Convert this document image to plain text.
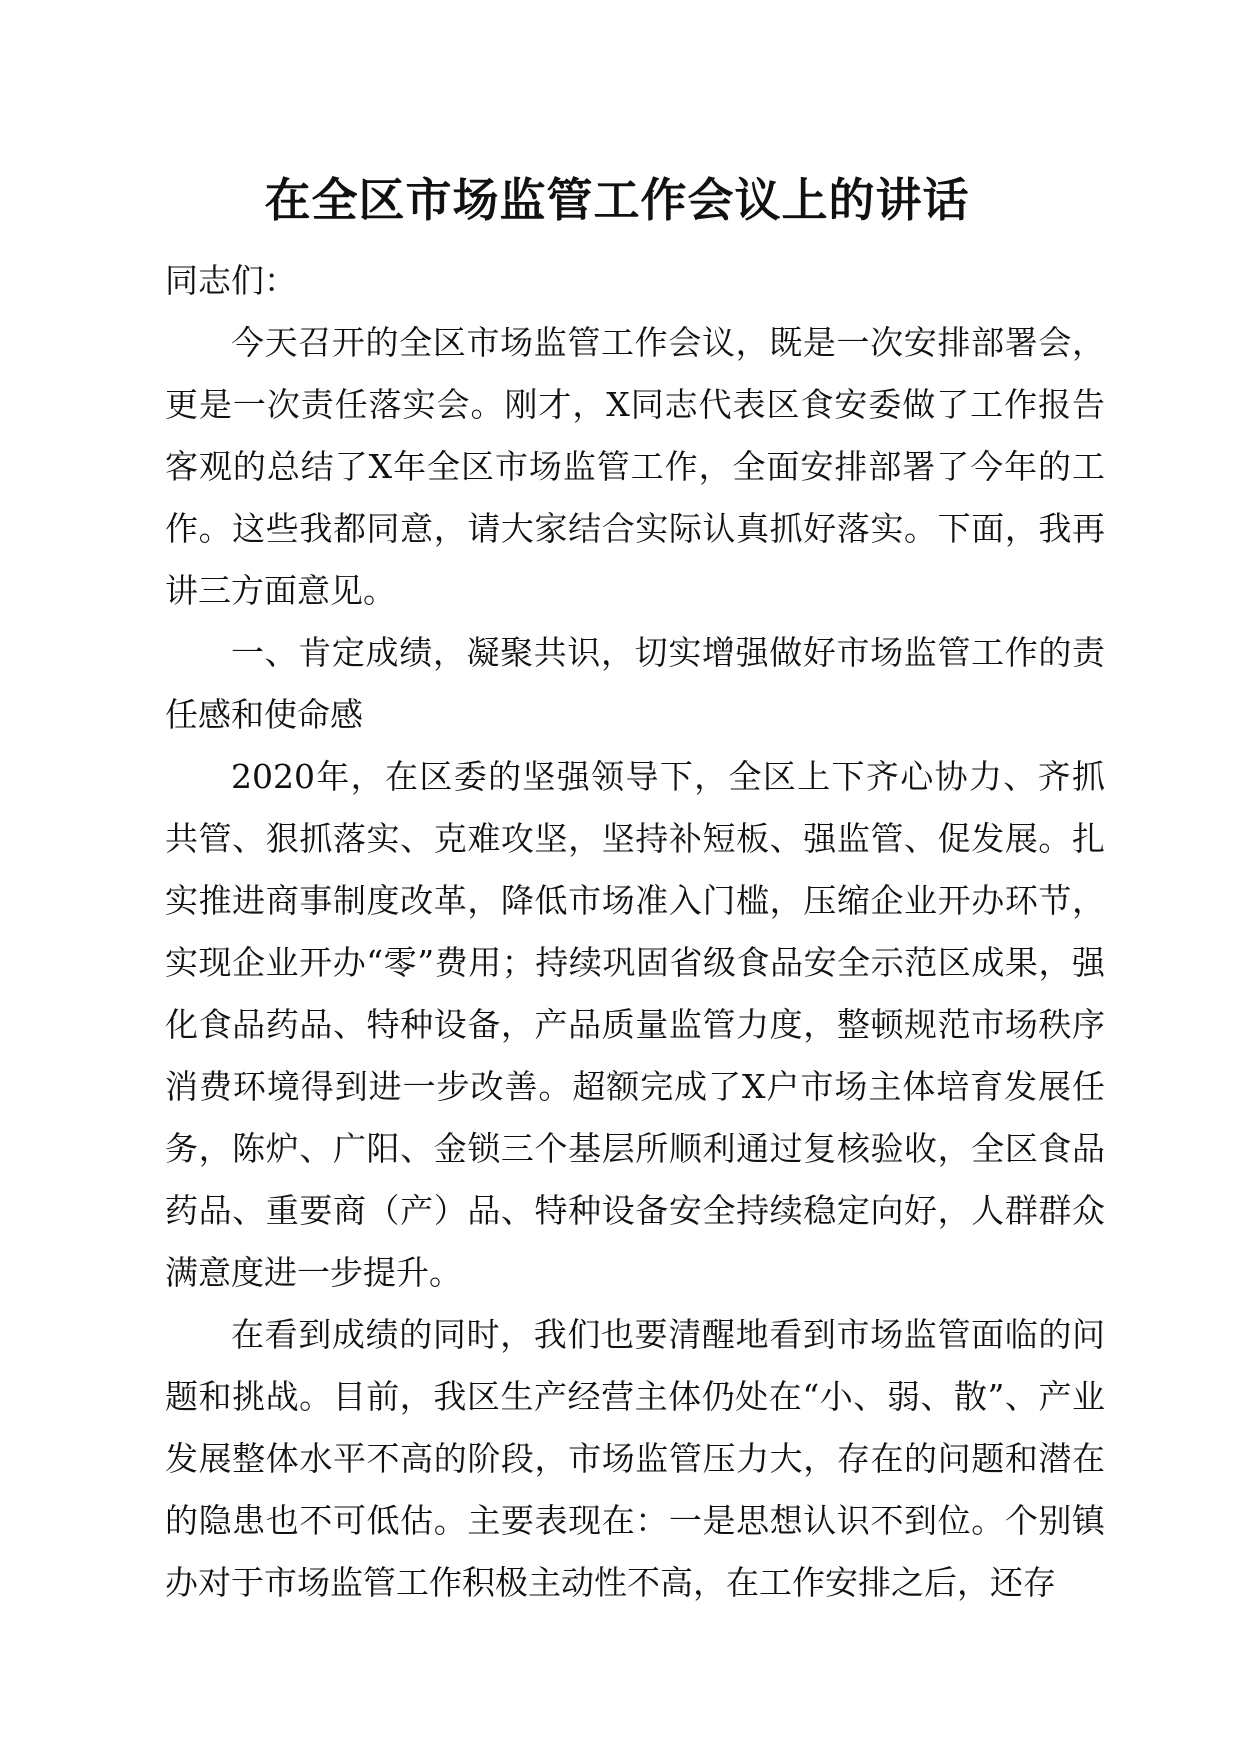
在全区市场监管工作会议上的讲话

同志们：

今天召开的全区市场监管工作会议，既是一次安排部署会，更是一次责任落实会。刚才，X同志代表区食安委做了工作报告客观的总结了X年全区市场监管工作，全面安排部署了今年的工作。这些我都同意，请大家结合实际认真抓好落实。下面，我再讲三方面意见。

一、肯定成绩，凝聚共识，切实增强做好市场监管工作的责任感和使命感

2020年，在区委的坚强领导下，全区上下齐心协力、齐抓共管、狠抓落实、克难攻坚，坚持补短板、强监管、促发展。扎实推进商事制度改革，降低市场准入门槛，压缩企业开办环节，实现企业开办“零”费用；持续巩固省级食品安全示范区成果，强化食品药品、特种设备，产品质量监管力度，整顿规范市场秩序消费环境得到进一步改善。超额完成了X户市场主体培育发展任务，陈炉、广阳、金锁三个基层所顺利通过复核验收，全区食品药品、重要商（产）品、特种设备安全持续稳定向好，人群群众满意度进一步提升。

在看到成绩的同时，我们也要清醒地看到市场监管面临的问题和挑战。目前，我区生产经营主体仍处在“小、弱、散”、产业发展整体水平不高的阶段，市场监管压力大，存在的问题和潜在的隐患也不可低估。主要表现在：一是思想认识不到位。个别镇办对于市场监管工作积极主动性不高，在工作安排之后，还存
